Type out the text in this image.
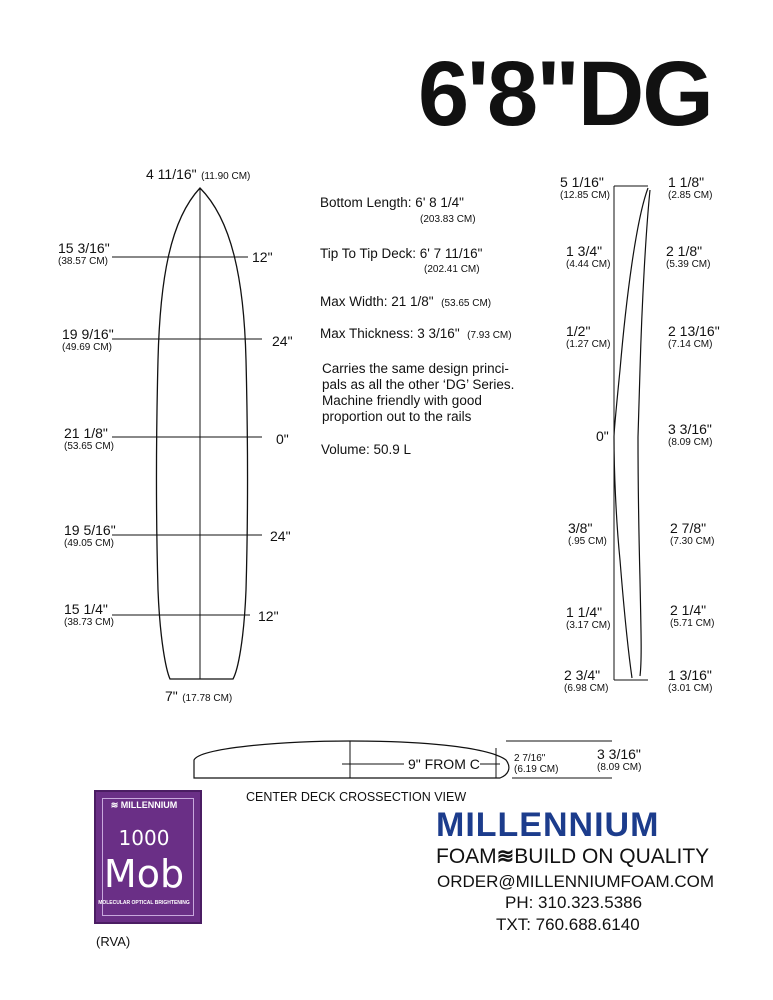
6'8"DG
4 11/16" (11.90 CM)
15 3/16"
(38.57 CM)	12"
19 9/16"
(49.69 CM)	24"
21 1/8"
(53.65 CM)	0"
19 5/16"
(49.05 CM)	24"
15 1/4"
(38.73 CM)	12"
7" (17.78 CM)
Bottom Length: 6' 8 1/4"
(203.83 CM)
Tip To Tip Deck: 6' 7 11/16"
(202.41 CM)
Max Width: 21 1/8" (53.65 CM)
Max Thickness: 3 3/16" (7.93 CM)
Carries the same design princi-
pals as all the other ‘DG’ Series.
Machine friendly with good
proportion out to the rails
Volume: 50.9 L
5 1/16"
(12.85 CM)
1 3/4"
(4.44 CM)
1/2"
(1.27 CM)
0"
3/8"
(.95 CM)
1 1/4"
(3.17 CM)
2 3/4"
(6.98 CM)
1 1/8"
(2.85 CM)
2 1/8"
(5.39 CM)
2 13/16"
(7.14 CM)
3 3/16"
(8.09 CM)
2 7/8"
(7.30 CM)
2 1/4"
(5.71 CM)
1 3/16"
(3.01 CM)
9" FROM C	2 7/16"
(6.19 CM)
3 3/16"
(8.09 CM)
CENTER DECK CROSSECTION VIEW
≋ MILLENNIUM
1000
Mob
MOLECULAR OPTICAL BRIGHTENING
(RVA)
MILLENNIUM
FOAM≋BUILD ON QUALITY
ORDER@MILLENNIUMFOAM.COM
PH: 310.323.5386
TXT: 760.688.6140
